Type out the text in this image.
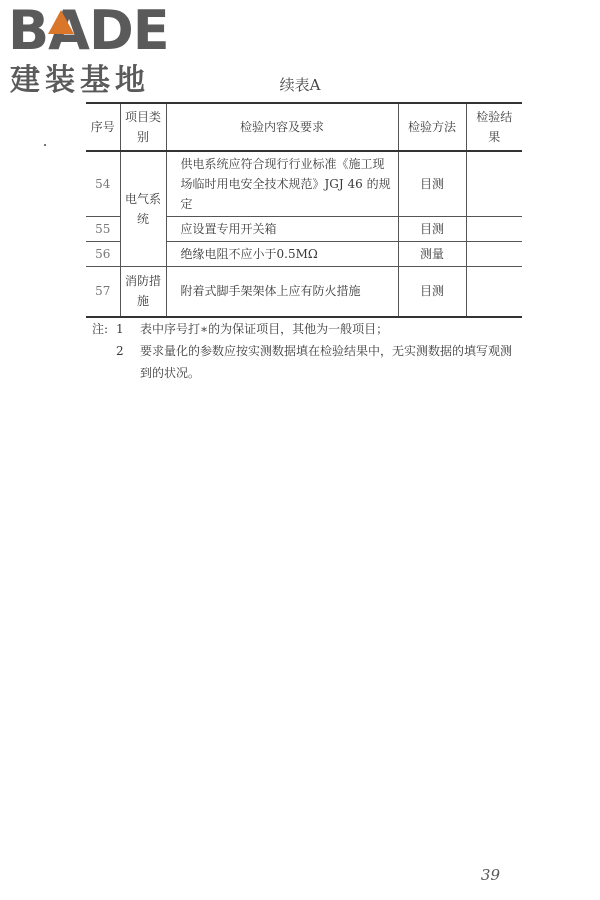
BADE
建装基地	续表A
序号	项目类别	检验内容及要求	检验方法	检验结果
54	电气系统	供电系统应符合现行行业标准《施工现场临时用电安全技术规范》JGJ 46 的规定	目测	
55		应设置专用开关箱	目测	
56		绝缘电阻不应小于0.5MΩ	测量	
57	消防措施	附着式脚手架架体上应有防火措施	目测	
注: 1	表中序号打∗的为保证项目，其他为一般项目；
2	要求量化的参数应按实测数据填在检验结果中，无实测数据的填写观测到的状况。
39
